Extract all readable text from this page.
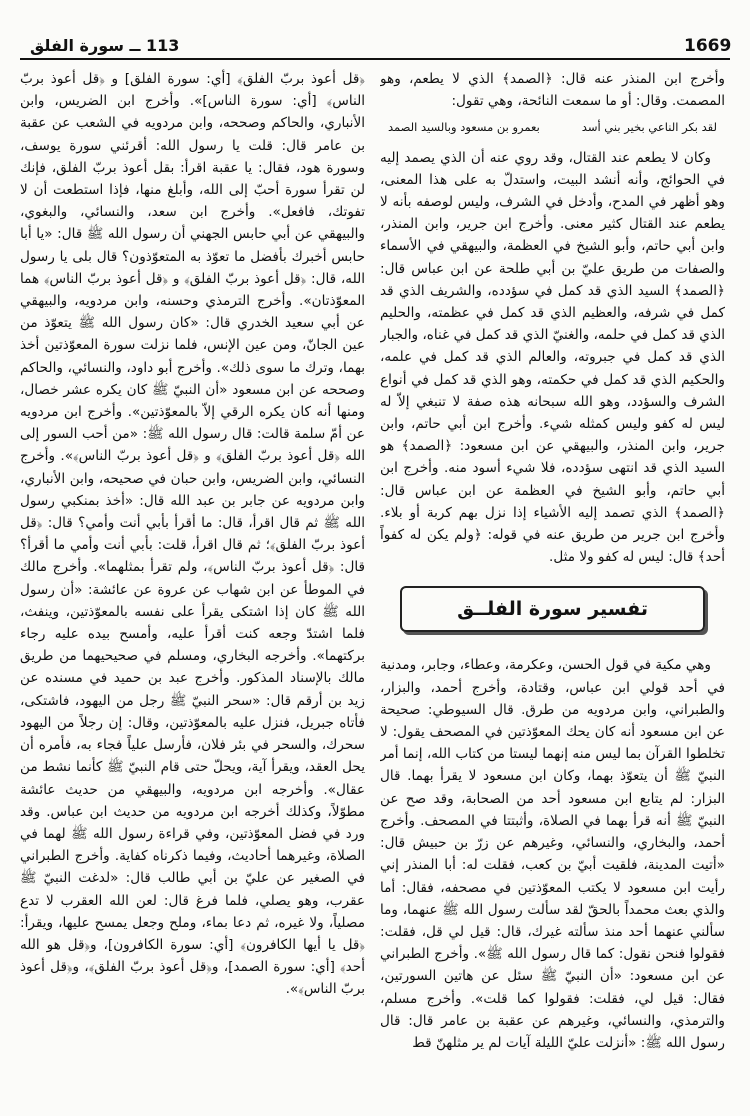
1669
113 ــ سورة الفلق

وأخرج ابن المنذر عنه قال: ﴿الصمد﴾ الذي لا يطعم، وهو المصمت. وقال: أو ما سمعت النائحة، وهي تقول:

لقد بكر الناعي بخير بني أسد
بعمرو بن مسعود وبالسيد الصمد

وكان لا يطعم عند القتال، وقد روي عنه أن الذي يصمد إليه في الحوائج، وأنه أنشد البيت، واستدلّ به على هذا المعنى، وهو أظهر في المدح، وأدخل في الشرف، وليس لوصفه بأنه لا يطعم عند القتال كثير معنى. وأخرج ابن جرير، وابن المنذر، وابن أبي حاتم، وأبو الشيخ في العظمة، والبيهقي في الأسماء والصفات من طريق عليّ بن أبي طلحة عن ابن عباس قال: ﴿الصمد﴾ السيد الذي قد كمل في سؤدده، والشريف الذي قد كمل في شرفه، والعظيم الذي قد كمل في عظمته، والحليم الذي قد كمل في حلمه، والغنيّ الذي قد كمل في غناه، والجبار الذي قد كمل في جبروته، والعالم الذي قد كمل في علمه، والحكيم الذي قد كمل في حكمته، وهو الذي قد كمل في أنواع الشرف والسؤدد، وهو الله سبحانه هذه صفة لا تنبغي إلاّ له ليس له كفو وليس كمثله شيء. وأخرج ابن أبي حاتم، وابن جرير، وابن المنذر، والبيهقي عن ابن مسعود: ﴿الصمد﴾ هو السيد الذي قد انتهى سؤدده، فلا شيء أسود منه. وأخرج ابن أبي حاتم، وأبو الشيخ في العظمة عن ابن عباس قال: ﴿الصمد﴾ الذي تصمد إليه الأشياء إذا نزل بهم كربة أو بلاء. وأخرج ابن جرير من طريق عنه في قوله: ﴿ولم يكن له كفواً أحد﴾ قال: ليس له كفو ولا مثل.

تفسير سورة الفلــق

وهي مكية في قول الحسن، وعكرمة، وعطاء، وجابر، ومدنية في أحد قولي ابن عباس، وقتادة، وأخرج أحمد، والبزار، والطبراني، وابن مردويه من طرق. قال السيوطي: صحيحة عن ابن مسعود أنه كان يحك المعوّذتين في المصحف يقول: لا تخلطوا القرآن بما ليس منه إنهما ليستا من كتاب الله، إنما أمر النبيّ ﷺ أن يتعوّذ بهما، وكان ابن مسعود لا يقرأ بهما. قال البزار: لم يتابع ابن مسعود أحد من الصحابة، وقد صح عن النبيّ ﷺ أنه قرأ بهما في الصلاة، وأثبتتا في المصحف. وأخرج أحمد، والبخاري، والنسائي، وغيرهم عن زرّ بن حبيش قال: «أتيت المدينة، فلقيت أبيّ بن كعب، فقلت له: أبا المنذر إني رأيت ابن مسعود لا يكتب المعوّذتين في مصحفه، فقال: أما والذي بعث محمداً بالحقّ لقد سألت رسول الله ﷺ عنهما، وما سألني عنهما أحد منذ سألته غيرك، قال: قيل لي قل، فقلت: فقولوا فنحن نقول: كما قال رسول الله ﷺ». وأخرج الطبراني عن ابن مسعود: «أن النبيّ ﷺ سئل عن هاتين السورتين، فقال: قيل لي، فقلت: فقولوا كما قلت». وأخرج مسلم، والترمذي، والنسائي، وغيرهم عن عقبة بن عامر قال: قال رسول الله ﷺ: «أنزلت عليّ الليلة آيات لم ير مثلهنّ قط

﴿قل أعوذ بربّ الفلق﴾ [أي: سورة الفلق] و ﴿قل أعوذ بربّ الناس﴾ [أي: سورة الناس]». وأخرج ابن الضريس، وابن الأنباري، والحاكم وصححه، وابن مردويه في الشعب عن عقبة بن عامر قال: قلت يا رسول الله: أقرئني سورة يوسف، وسورة هود، فقال: يا عقبة اقرأ: بقل أعوذ بربّ الفلق، فإنك لن تقرأ سورة أحبّ إلى الله، وأبلغ منها، فإذا استطعت أن لا تفوتك، فافعل». وأخرج ابن سعد، والنسائي، والبغوي، والبيهقي عن أبي حابس الجهني أن رسول الله ﷺ قال: «يا أبا حابس أخبرك بأفضل ما تعوّذ به المتعوّذون؟ قال بلى يا رسول الله، قال: ﴿قل أعوذ بربّ الفلق﴾ و ﴿قل أعوذ بربّ الناس﴾ هما المعوّذتان». وأخرج الترمذي وحسنه، وابن مردويه، والبيهقي عن أبي سعيد الخدري قال: «كان رسول الله ﷺ يتعوّذ من عين الجانّ، ومن عين الإنس، فلما نزلت سورة المعوّذتين أخذ بهما، وترك ما سوى ذلك». وأخرج أبو داود، والنسائي، والحاكم وصححه عن ابن مسعود «أن النبيّ ﷺ كان يكره عشر خصال، ومنها أنه كان يكره الرقي إلاّ بالمعوّذتين». وأخرج ابن مردويه عن أمّ سلمة قالت: قال رسول الله ﷺ: «من أحب السور إلى الله ﴿قل أعوذ بربّ الفلق﴾ و ﴿قل أعوذ بربّ الناس﴾». وأخرج النسائي، وابن الضريس، وابن حبان في صحيحه، وابن الأنباري، وابن مردويه عن جابر بن عبد الله قال: «أخذ بمنكبي رسول الله ﷺ ثم قال اقرأ، قال: ما أقرأ بأبي أنت وأمي؟ قال: ﴿قل أعوذ بربّ الفلق﴾؛ ثم قال اقرأ، قلت: بأبي أنت وأمي ما أقرأ؟ قال: ﴿قل أعوذ بربّ الناس﴾، ولم تقرأ بمثلهما». وأخرج مالك في الموطأ عن ابن شهاب عن عروة عن عائشة: «أن رسول الله ﷺ كان إذا اشتكى يقرأ على نفسه بالمعوّذتين، وينفث، فلما اشتدّ وجعه كنت أقرأ عليه، وأمسح بيده عليه رجاء بركتهما». وأخرجه البخاري، ومسلم في صحيحيهما من طريق مالك بالإسناد المذكور. وأخرج عبد بن حميد في مسنده عن زيد بن أرقم قال: «سحر النبيّ ﷺ رجل من اليهود، فاشتكى، فأتاه جبريل، فنزل عليه بالمعوّذتين، وقال: إن رجلاً من اليهود سحرك، والسحر في بئر فلان، فأرسل علياً فجاء به، فأمره أن يحل العقد، ويقرأ آية، ويحلّ حتى قام النبيّ ﷺ كأنما نشط من عقال». وأخرجه ابن مردويه، والبيهقي من حديث عائشة مطوّلاً، وكذلك أخرجه ابن مردويه من حديث ابن عباس. وقد ورد في فضل المعوّذتين، وفي قراءة رسول الله ﷺ لهما في الصلاة، وغيرهما أحاديث، وفيما ذكرناه كفاية. وأخرج الطبراني في الصغير عن عليّ بن أبي طالب قال: «لدغت النبيّ ﷺ عقرب، وهو يصلي، فلما فرغ قال: لعن الله العقرب لا تدع مصلياً، ولا غيره، ثم دعا بماء، وملح وجعل يمسح عليها، ويقرأ: ﴿قل يا أيها الكافرون﴾ [أي: سورة الكافرون]، و﴿قل هو الله أحد﴾ [أي: سورة الصمد]، و﴿قل أعوذ بربّ الفلق﴾، و﴿قل أعوذ بربّ الناس﴾».
